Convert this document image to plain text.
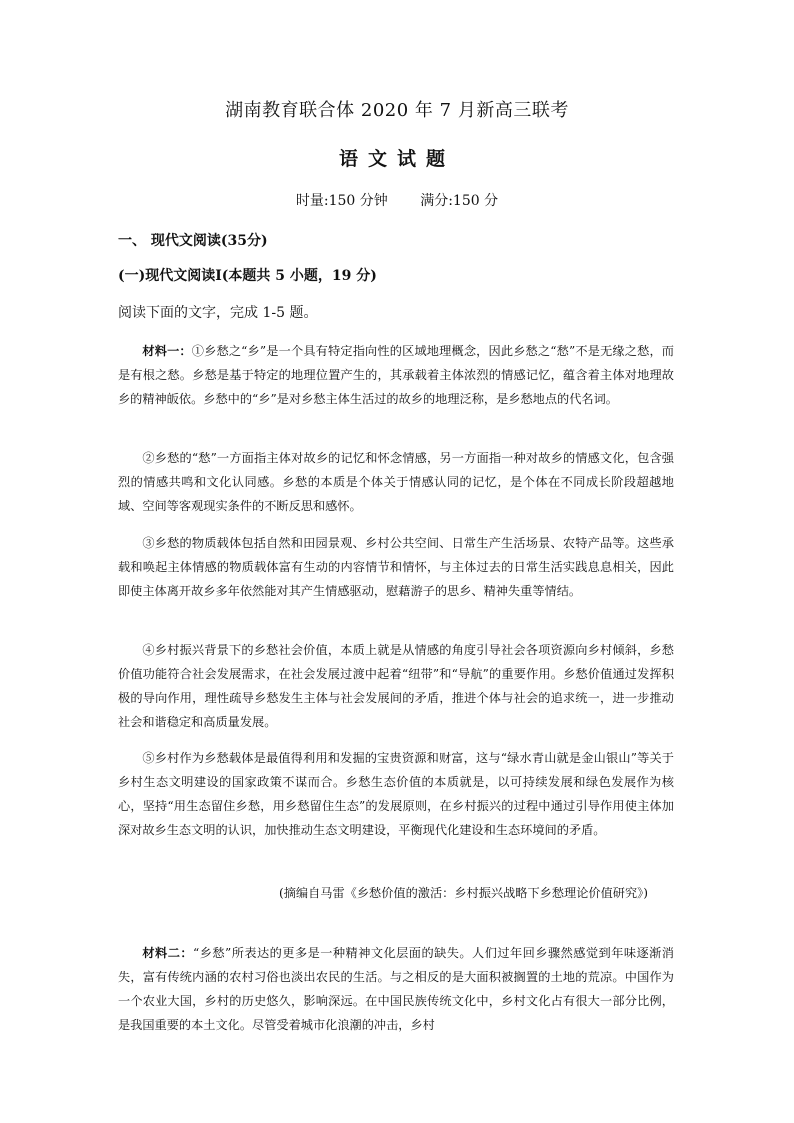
湖南教育联合体 2020 年 7 月新高三联考
语文试题
时量:150 分钟 满分:150 分
一、 现代文阅读(35分)
(一)现代文阅读Ⅰ(本题共 5 小题，19 分)
阅读下面的文字，完成 1-5 题。

材料一：①乡愁之“乡”是一个具有特定指向性的区域地理概念，因此乡愁之“愁”不是无缘之愁，而是有根之愁。乡愁是基于特定的地理位置产生的，其承载着主体浓烈的情感记忆，蕴含着主体对地理故乡的精神皈依。乡愁中的“乡”是对乡愁主体生活过的故乡的地理泛称，是乡愁地点的代名词。

②乡愁的“愁”一方面指主体对故乡的记忆和怀念情感，另一方面指一种对故乡的情感文化，包含强烈的情感共鸣和文化认同感。乡愁的本质是个体关于情感认同的记忆，是个体在不同成长阶段超越地域、空间等客观现实条件的不断反思和感怀。

③乡愁的物质载体包括自然和田园景观、乡村公共空间、日常生产生活场景、农特产品等。这些承载和唤起主体情感的物质载体富有生动的内容情节和情怀，与主体过去的日常生活实践息息相关，因此即使主体离开故乡多年依然能对其产生情感驱动，慰藉游子的思乡、精神失重等情结。

④乡村振兴背景下的乡愁社会价值，本质上就是从情感的角度引导社会各项资源向乡村倾斜，乡愁价值功能符合社会发展需求，在社会发展过渡中起着“纽带”和“导航”的重要作用。乡愁价值通过发挥积极的导向作用，理性疏导乡愁发生主体与社会发展间的矛盾，推进个体与社会的追求统一，进一步推动社会和谐稳定和高质量发展。

⑤乡村作为乡愁载体是最值得利用和发掘的宝贵资源和财富，这与“绿水青山就是金山银山”等关于乡村生态文明建设的国家政策不谋而合。乡愁生态价值的本质就是，以可持续发展和绿色发展作为核心，坚持“用生态留住乡愁，用乡愁留住生态”的发展原则，在乡村振兴的过程中通过引导作用使主体加深对故乡生态文明的认识，加快推动生态文明建设，平衡现代化建设和生态环境间的矛盾。

(摘编自马雷《乡愁价值的激活：乡村振兴战略下乡愁理论价值研究》)

材料二：“乡愁”所表达的更多是一种精神文化层面的缺失。人们过年回乡骤然感觉到年味逐渐消失，富有传统内涵的农村习俗也淡出农民的生活。与之相反的是大面积被搁置的土地的荒凉。中国作为一个农业大国，乡村的历史悠久，影响深远。在中国民族传统文化中，乡村文化占有很大一部分比例，是我国重要的本土文化。尽管受着城市化浪潮的冲击，乡村
